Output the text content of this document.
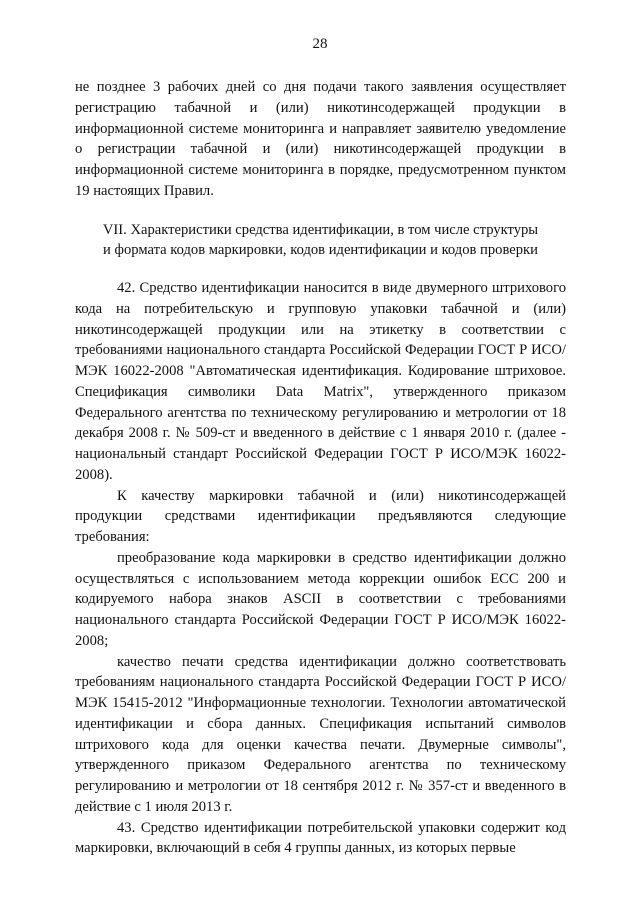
28

не позднее 3 рабочих дней со дня подачи такого заявления осуществляет регистрацию табачной и (или) никотинсодержащей продукции в информационной системе мониторинга и направляет заявителю уведомление о регистрации табачной и (или) никотинсодержащей продукции в информационной системе мониторинга в порядке, предусмотренном пунктом 19 настоящих Правил.

VII. Характеристики средства идентификации, в том числе структуры
и формата кодов маркировки, кодов идентификации и кодов проверки

42. Средство идентификации наносится в виде двумерного штрихового кода на потребительскую и групповую упаковки табачной и (или) никотинсодержащей продукции или на этикетку в соответствии с требованиями национального стандарта Российской Федерации ГОСТ Р ИСО/МЭК 16022-2008 "Автоматическая идентификация. Кодирование штриховое. Спецификация символики Data Matrix", утвержденного приказом Федерального агентства по техническому регулированию и метрологии от 18 декабря 2008 г. № 509-ст и введенного в действие с 1 января 2010 г. (далее - национальный стандарт Российской Федерации ГОСТ Р ИСО/МЭК 16022-2008).

К качеству маркировки табачной и (или) никотинсодержащей продукции средствами идентификации предъявляются следующие требования:

преобразование кода маркировки в средство идентификации должно осуществляться с использованием метода коррекции ошибок ECC 200 и кодируемого набора знаков ASCII в соответствии с требованиями национального стандарта Российской Федерации ГОСТ Р ИСО/МЭК 16022-2008;

качество печати средства идентификации должно соответствовать требованиям национального стандарта Российской Федерации ГОСТ Р ИСО/МЭК 15415-2012 "Информационные технологии. Технологии автоматической идентификации и сбора данных. Спецификация испытаний символов штрихового кода для оценки качества печати. Двумерные символы", утвержденного приказом Федерального агентства по техническому регулированию и метрологии от 18 сентября 2012 г. № 357-ст и введенного в действие с 1 июля 2013 г.

43. Средство идентификации потребительской упаковки содержит код маркировки, включающий в себя 4 группы данных, из которых первые
